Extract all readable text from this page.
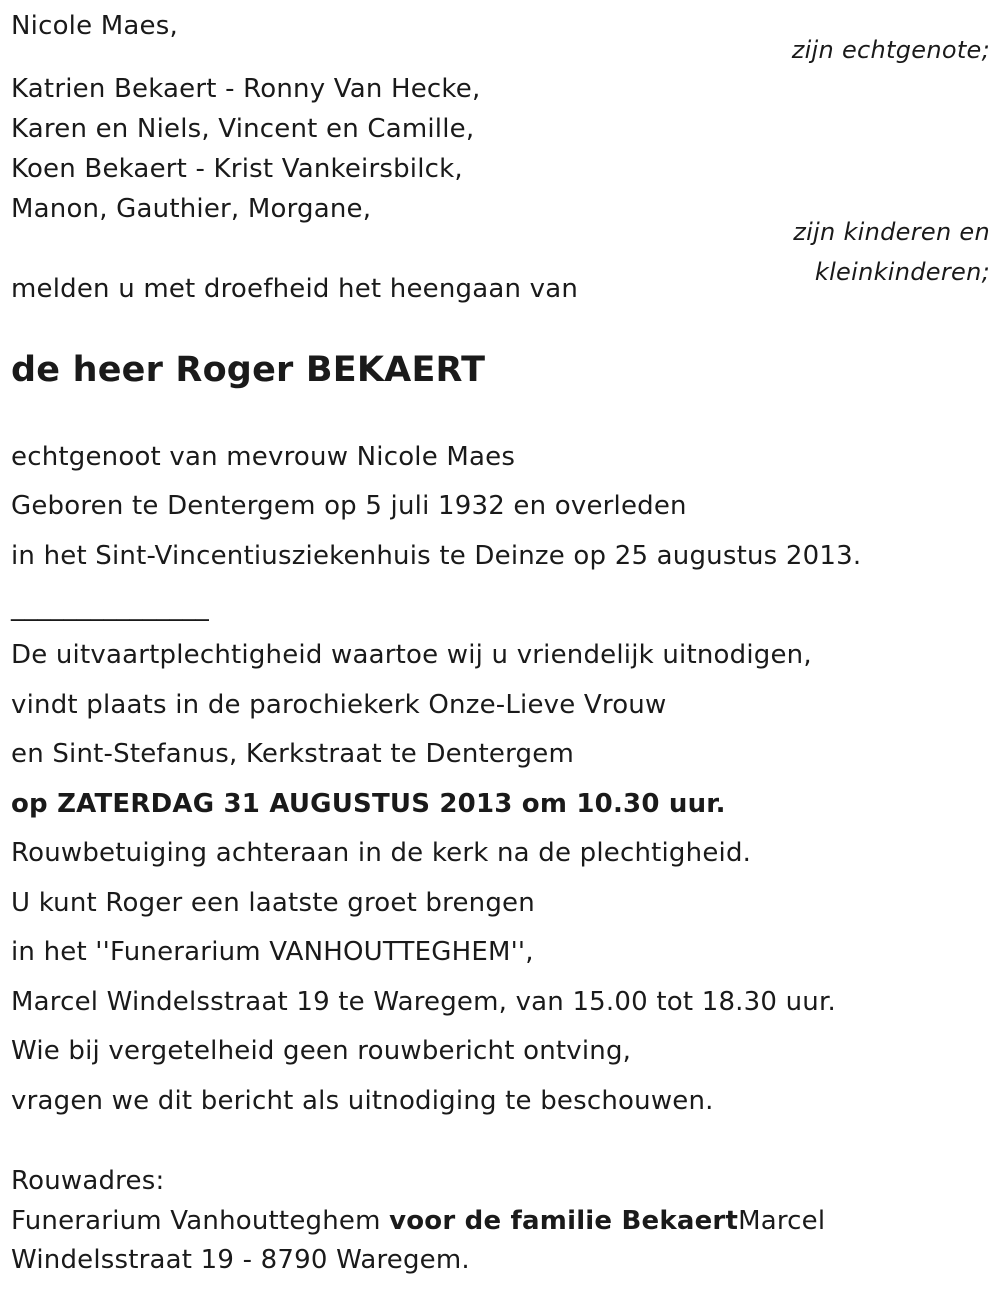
Nicole Maes,
zijn echtgenote;
Katrien Bekaert - Ronny Van Hecke,
Karen en Niels, Vincent en Camille,
Koen Bekaert - Krist Vankeirsbilck,
Manon, Gauthier, Morgane,
zijn kinderen en
kleinkinderen;
melden u met droefheid het heengaan van
de heer Roger BEKAERT
echtgenoot van mevrouw Nicole Maes
Geboren te Dentergem op 5 juli 1932 en overleden
in het Sint-Vincentiusziekenhuis te Deinze op 25 augustus 2013.
_______________
De uitvaartplechtigheid waartoe wij u vriendelijk uitnodigen,
vindt plaats in de parochiekerk Onze-Lieve Vrouw
en Sint-Stefanus, Kerkstraat te Dentergem
op ZATERDAG 31 AUGUSTUS 2013 om 10.30 uur.
Rouwbetuiging achteraan in de kerk na de plechtigheid.
U kunt Roger een laatste groet brengen
in het ''Funerarium VANHOUTTEGHEM'',
Marcel Windelsstraat 19 te Waregem, van 15.00 tot 18.30 uur.
Wie bij vergetelheid geen rouwbericht ontving,
vragen we dit bericht als uitnodiging te beschouwen.
Rouwadres:
Funerarium Vanhoutteghem voor de familie BekaertMarcel
Windelsstraat 19 - 8790 Waregem.
